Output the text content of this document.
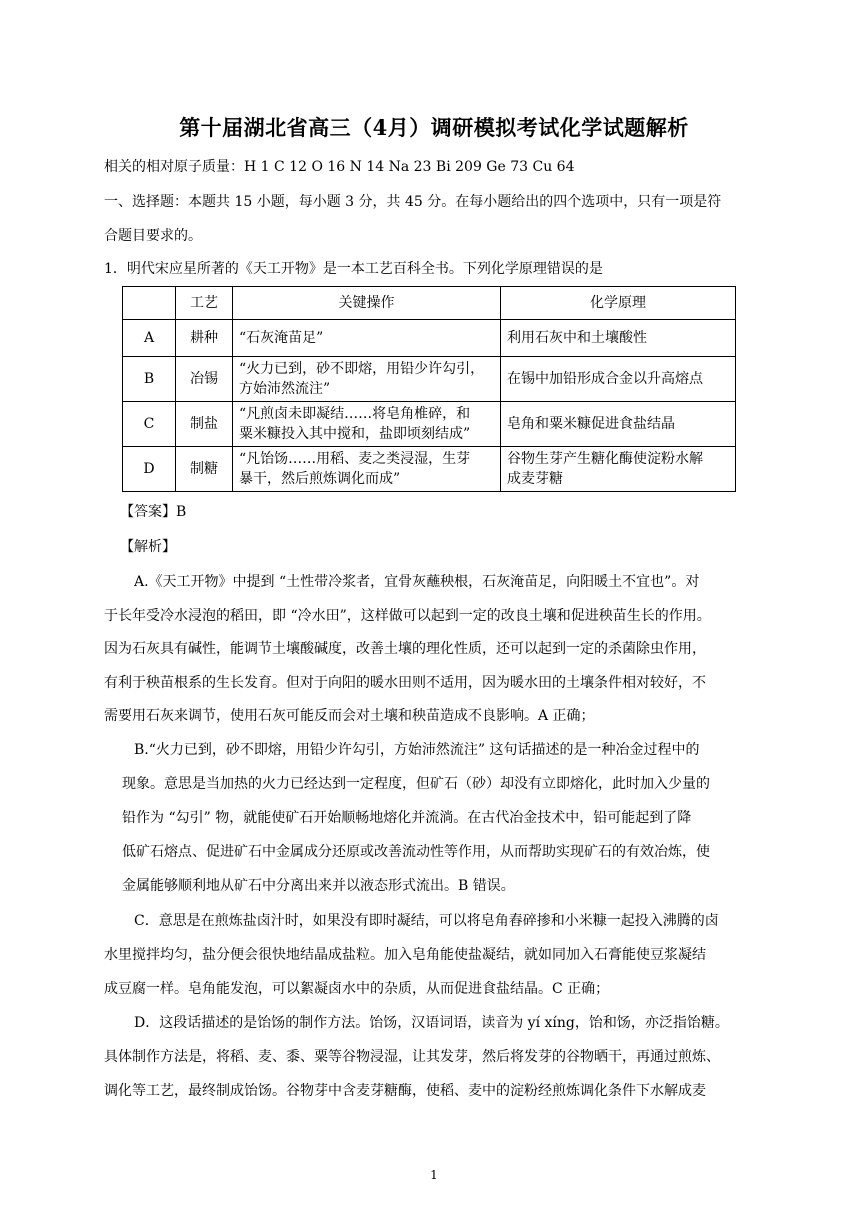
第十届湖北省高三（4月）调研模拟考试化学试题解析
相关的相对原子质量：H 1 C 12 O 16 N 14 Na 23 Bi 209 Ge 73 Cu 64
一、选择题：本题共 15 小题，每小题 3 分，共 45 分。在每小题给出的四个选项中，只有一项是符
合题目要求的。
1．明代宋应星所著的《天工开物》是一本工艺百科全书。下列化学原理错误的是
	工艺	关键操作	化学原理
A	耕种	“石灰淹苗足”	利用石灰中和土壤酸性
B	冶锡	“火力已到，砂不即熔，用铅少许勾引，
方始沛然流注”	在锡中加铅形成合金以升高熔点
C	制盐	“凡煎卤未即凝结……将皂角椎碎，和
粟米糠投入其中搅和，盐即顷刻结成”	皂角和粟米糠促进食盐结晶
D	制糖	“凡饴饧……用稻、麦之类浸湿，生芽
暴干，然后煎炼调化而成”	谷物生芽产生糖化酶使淀粉水解
成麦芽糖
【答案】B
【解析】
A.《天工开物》中提到 “土性带冷浆者，宜骨灰蘸秧根，石灰淹苗足，向阳暖土不宜也”。对
于长年受冷水浸泡的稻田，即 “冷水田”，这样做可以起到一定的改良土壤和促进秧苗生长的作用。
因为石灰具有碱性，能调节土壤酸碱度，改善土壤的理化性质，还可以起到一定的杀菌除虫作用，
有利于秧苗根系的生长发育。但对于向阳的暖水田则不适用，因为暖水田的土壤条件相对较好，不
需要用石灰来调节，使用石灰可能反而会对土壤和秧苗造成不良影响。A 正确；
B.“火力已到，砂不即熔，用铅少许勾引，方始沛然流注” 这句话描述的是一种冶金过程中的
现象。意思是当加热的火力已经达到一定程度，但矿石（砂）却没有立即熔化，此时加入少量的
铅作为 “勾引” 物，就能使矿石开始顺畅地熔化并流淌。在古代冶金技术中，铅可能起到了降
低矿石熔点、促进矿石中金属成分还原或改善流动性等作用，从而帮助实现矿石的有效冶炼，使
金属能够顺利地从矿石中分离出来并以液态形式流出。B 错误。
C．意思是在煎炼盐卤汁时，如果没有即时凝结，可以将皂角舂碎掺和小米糠一起投入沸腾的卤
水里搅拌均匀，盐分便会很快地结晶成盐粒。加入皂角能使盐凝结，就如同加入石膏能使豆浆凝结
成豆腐一样。皂角能发泡，可以絮凝卤水中的杂质，从而促进食盐结晶。C 正确；
D．这段话描述的是饴饧的制作方法。饴饧，汉语词语，读音为 yí xíng，饴和饧，亦泛指饴糖。
具体制作方法是，将稻、麦、黍、粟等谷物浸湿，让其发芽，然后将发芽的谷物晒干，再通过煎炼、
调化等工艺，最终制成饴饧。谷物芽中含麦芽糖酶，使稻、麦中的淀粉经煎炼调化条件下水解成麦
1
